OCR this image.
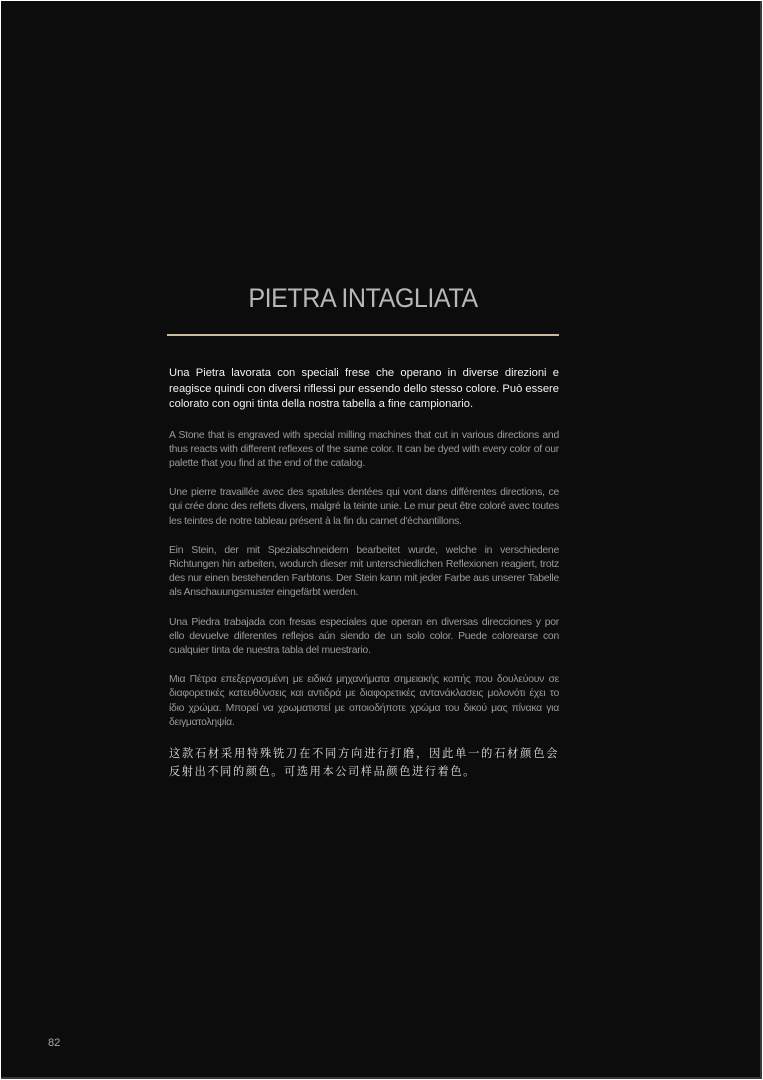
PIETRA INTAGLIATA

Una Pietra lavorata con speciali frese che operano in diverse direzioni e reagisce quindi con diversi riflessi pur essendo dello stesso colore. Può essere colorato con ogni tinta della nostra tabella a fine campionario.

A Stone that is engraved with special milling machines that cut in various directions and thus reacts with different reflexes of the same color. It can be dyed with every color of our palette that you find at the end of the catalog.

Une pierre travaillée avec des spatules dentées qui vont dans différentes directions, ce qui crée donc des reflets divers, malgré la teinte unie. Le mur peut être coloré avec toutes les teintes de notre tableau présent à la fin du carnet d'échantillons.

Ein Stein, der mit Spezialschneidern bearbeitet wurde, welche in verschiedene Richtungen hin arbeiten, wodurch dieser mit unterschiedlichen Reflexionen reagiert, trotz des nur einen bestehenden Farbtons. Der Stein kann mit jeder Farbe aus unserer Tabelle als Anschauungsmuster eingefärbt werden.

Una Piedra trabajada con fresas especiales que operan en diversas direcciones y por ello devuelve diferentes reflejos aún siendo de un solo color. Puede colorearse con cualquier tinta de nuestra tabla del muestrario.

Μια Πέτρα επεξεργασμένη με ειδικά μηχανήματα σημειακής κοπής που δουλεύουν σε διαφορετικές κατευθύνσεις και αντιδρά με διαφορετικές αντανάκλασεις μολονότι έχει το ίδιο χρώμα. Μπορεί να χρωματιστεί με οποιοδήποτε χρώμα του δικού μας πίνακα για δειγματοληψία.

这款石材采用特殊铣刀在不同方向进行打磨，因此单一的石材颜色会反射出不同的颜色。可选用本公司样品颜色进行着色。

82
